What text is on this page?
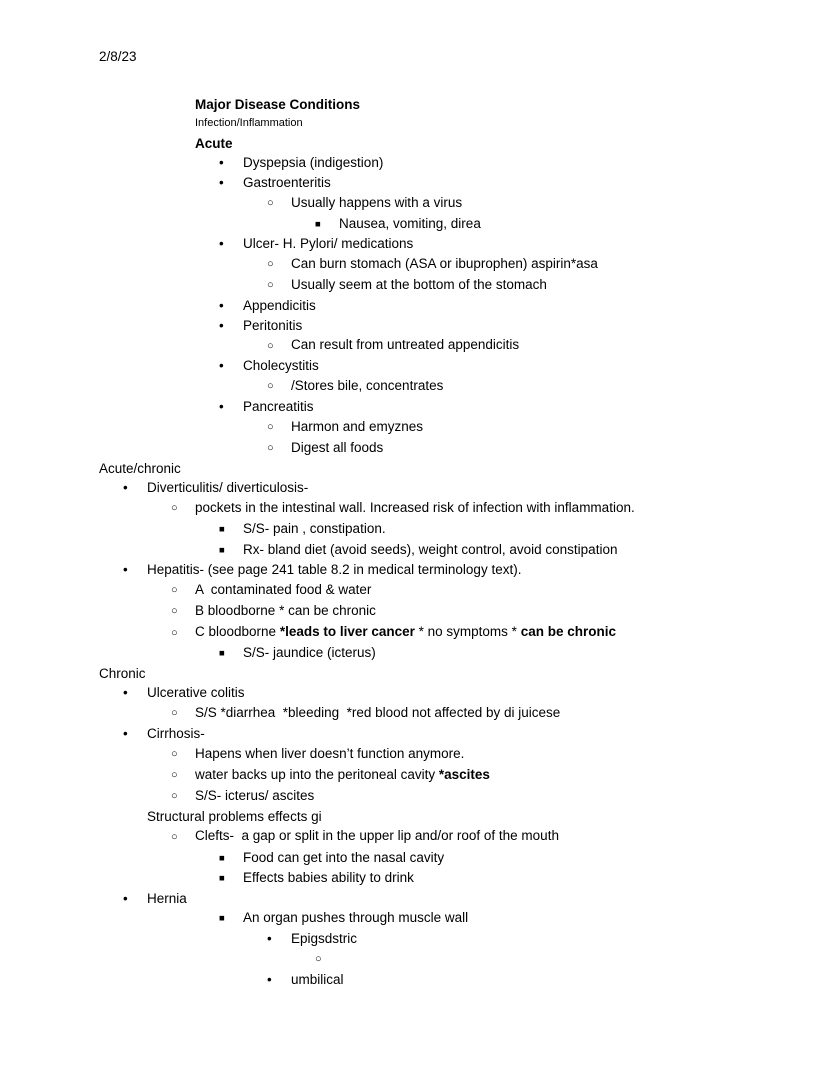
2/8/23
Major Disease Conditions
Infection/Inflammation
Acute
• Dyspepsia (indigestion)
• Gastroenteritis
○ Usually happens with a virus
■ Nausea, vomiting, direa
• Ulcer- H. Pylori/ medications
○ Can burn stomach (ASA or ibuprophen) aspirin*asa
○ Usually seem at the bottom of the stomach
• Appendicitis
• Peritonitis
○ Can result from untreated appendicitis
• Cholecystitis
○ /Stores bile, concentrates
• Pancreatitis
○ Harmon and emyznes
○ Digest all foods
Acute/chronic
• Diverticulitis/ diverticulosis-
○ pockets in the intestinal wall. Increased risk of infection with inflammation.
■ S/S- pain , constipation.
■ Rx- bland diet (avoid seeds), weight control, avoid constipation
• Hepatitis- (see page 241 table 8.2 in medical terminology text).
○ A  contaminated food & water
○ B bloodborne * can be chronic
○ C bloodborne *leads to liver cancer * no symptoms * can be chronic
■ S/S- jaundice (icterus)
Chronic
• Ulcerative colitis
○ S/S *diarrhea  *bleeding  *red blood not affected by di juicese
• Cirrhosis-
○ Hapens when liver doesn’t function anymore.
○ water backs up into the peritoneal cavity *ascites
○ S/S- icterus/ ascites
Structural problems effects gi
○ Clefts-  a gap or split in the upper lip and/or roof of the mouth
■ Food can get into the nasal cavity
■ Effects babies ability to drink
• Hernia
■ An organ pushes through muscle wall
• Epigsdstric
○
• umbilical
